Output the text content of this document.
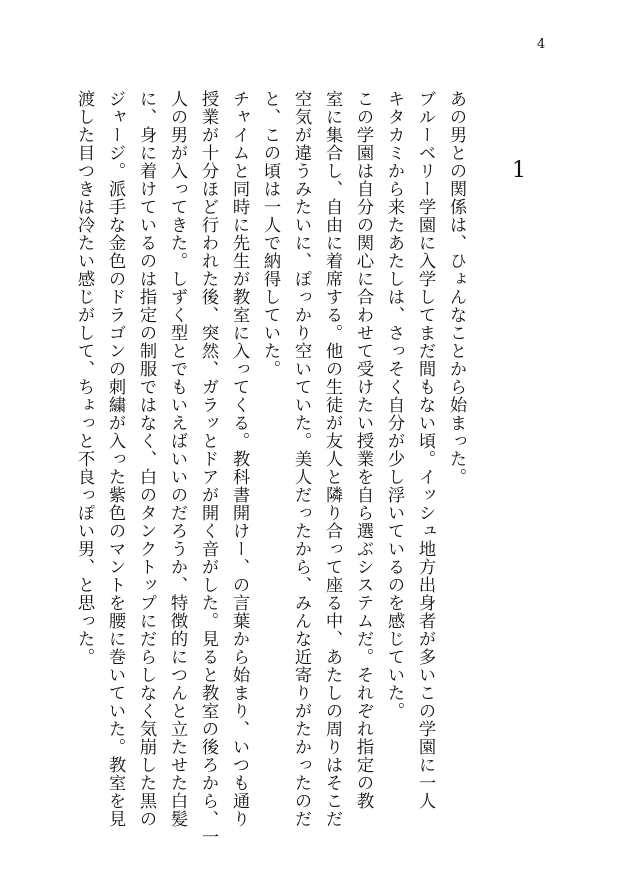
4
1
あの男との関係は、ひょんなことから始まった。
ブルーベリー学園に入学してまだ間もない頃。イッシュ地方出身者が多いこの学園に一人
キタカミから来たあたしは、さっそく自分が少し浮いているのを感じていた。
この学園は自分の関心に合わせて受けたい授業を自ら選ぶシステムだ。それぞれ指定の教
室に集合し、自由に着席する。他の生徒が友人と隣り合って座る中、あたしの周りはそこだ
空気が違うみたいに、ぽっかり空いていた。美人だったから、みんな近寄りがたかったのだ
と、この頃は一人で納得していた。
チャイムと同時に先生が教室に入ってくる。教科書開けー、の言葉から始まり、いつも通り
授業が十分ほど行われた後、突然、ガラッとドアが開く音がした。見ると教室の後ろから、一
人の男が入ってきた。しずく型とでもいえばいいのだろうか、特徴的につんと立たせた白髪
に、身に着けているのは指定の制服ではなく、白のタンクトップにだらしなく気崩した黒の
ジャージ。派手な金色のドラゴンの刺繍が入った紫色のマントを腰に巻いていた。教室を見
渡した目つきは冷たい感じがして、ちょっと不良っぽい男、と思った。
